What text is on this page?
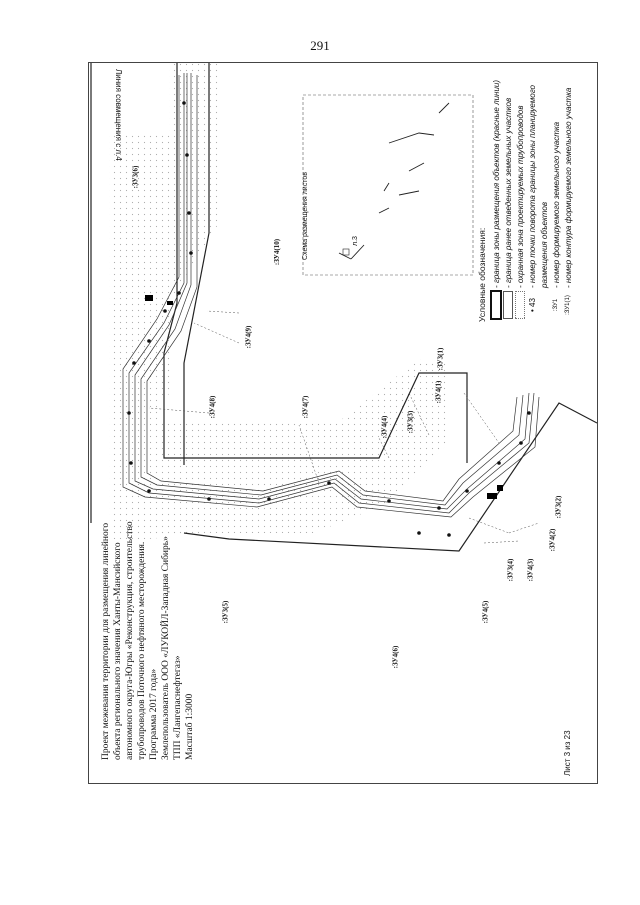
291
:ЗУ4(10)
:ЗУ4(9)
:ЗУ4(8)	:ЗУ4(7)
:ЗУ4(4)
:ЗУ4(1)
:ЗУ3(3)
:ЗУ3(1)
:ЗУ3(6)
:ЗУ3(2)
:ЗУ4(2)
:ЗУ4(3)
:ЗУ3(4)
:ЗУ4(5)
:ЗУ3(5)
:ЗУ4(6)
Проект межевания территории для размещения линейного объекта регионального значения Ханты-Мансийского автономного округа-Югры «Реконструкция, строительство трубопроводов Поточного нефтяного месторождения. Программа 2017 года» Землепользователь ООО «ЛУКОЙЛ-Западная Сибирь» ТПП «Лангепаснефтегаз» Масштаб 1:3000	Лист 3 из 23
Линия совмещения с л.4
Схема размещения листов	л.3	Условные обозначения: - граница зоны размещения объектов (красные линии) - граница ранее отведенных земельных участков - охранная зона проектируемых трубопроводов
• 43
- номер точки поворота границы зоны планируемого размещения объектов
:ЗУ1
- номер формируемого земельного участка
:ЗУ1(1)
- номер контура формируемого земельного участка
